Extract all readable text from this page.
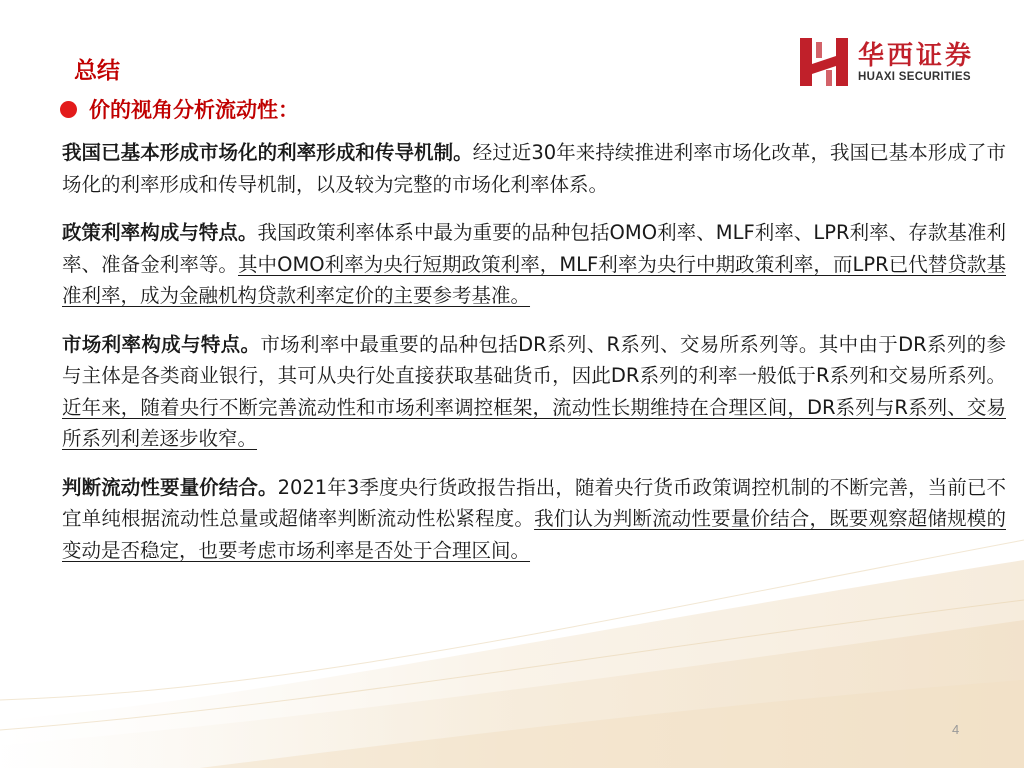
总结
价的视角分析流动性：
华西证券
HUAXI SECURITIES
我国已基本形成市场化的利率形成和传导机制。经过近30年来持续推进利率市场化改革，我国已基本形成了市场化的利率形成和传导机制，以及较为完整的市场化利率体系。
政策利率构成与特点。我国政策利率体系中最为重要的品种包括OMO利率、MLF利率、LPR利率、存款基准利率、准备金利率等。其中OMO利率为央行短期政策利率，MLF利率为央行中期政策利率，而LPR已代替贷款基准利率，成为金融机构贷款利率定价的主要参考基准。
市场利率构成与特点。市场利率中最重要的品种包括DR系列、R系列、交易所系列等。其中由于DR系列的参与主体是各类商业银行，其可从央行处直接获取基础货币，因此DR系列的利率一般低于R系列和交易所系列。近年来，随着央行不断完善流动性和市场利率调控框架，流动性长期维持在合理区间，DR系列与R系列、交易所系列利差逐步收窄。
判断流动性要量价结合。2021年3季度央行货政报告指出，随着央行货币政策调控机制的不断完善，当前已不宜单纯根据流动性总量或超储率判断流动性松紧程度。我们认为判断流动性要量价结合，既要观察超储规模的变动是否稳定，也要考虑市场利率是否处于合理区间。
4
